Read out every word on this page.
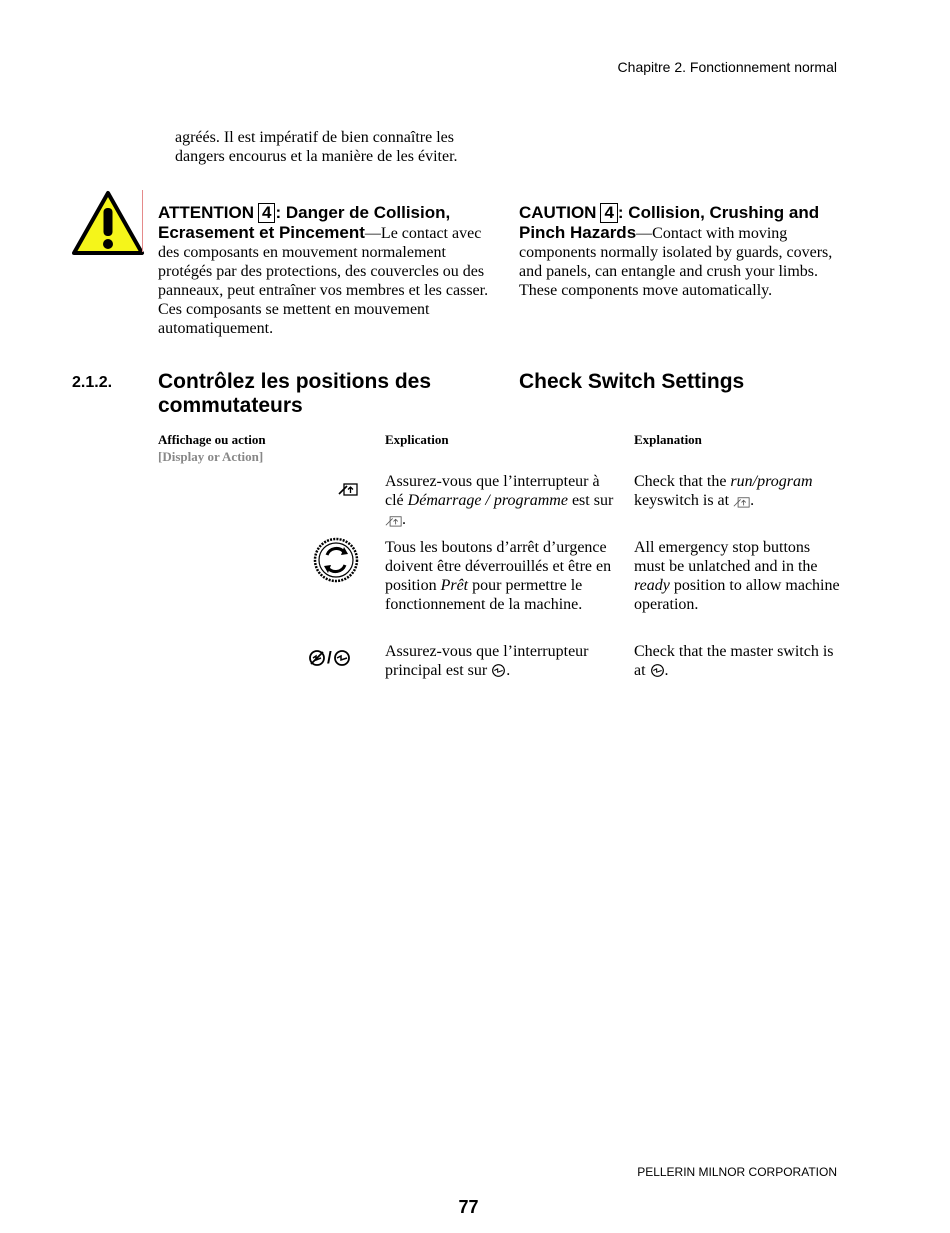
Chapitre 2. Fonctionnement normal
agréés. Il est impératif de bien connaître les dangers encourus et la manière de les éviter.
ATTENTION 4 : Danger de Collision, Ecrasement et Pincement—Le contact avec des composants en mouvement normalement protégés par des protections, des couvercles ou des panneaux, peut entraîner vos membres et les casser. Ces composants se mettent en mouvement automatiquement.
CAUTION 4 : Collision, Crushing and Pinch Hazards—Contact with moving components normally isolated by guards, covers, and panels, can entangle and crush your limbs. These components move automatically.
2.1.2. Contrôlez les positions des commutateurs
Check Switch Settings
Affichage ou action
[Display or Action]
Explication	Explanation
Assurez-vous que l’interrupteur à clé Démarrage / programme est sur .
Check that the run/program keyswitch is at .
Tous les boutons d’arrêt d’urgence doivent être déverrouillés et être en position Prêt pour permettre le fonctionnement de la machine.
All emergency stop buttons must be unlatched and in the ready position to allow machine operation.
/	Assurez-vous que l’interrupteur principal est sur .
Check that the master switch is at .
PELLERIN MILNOR CORPORATION
77
